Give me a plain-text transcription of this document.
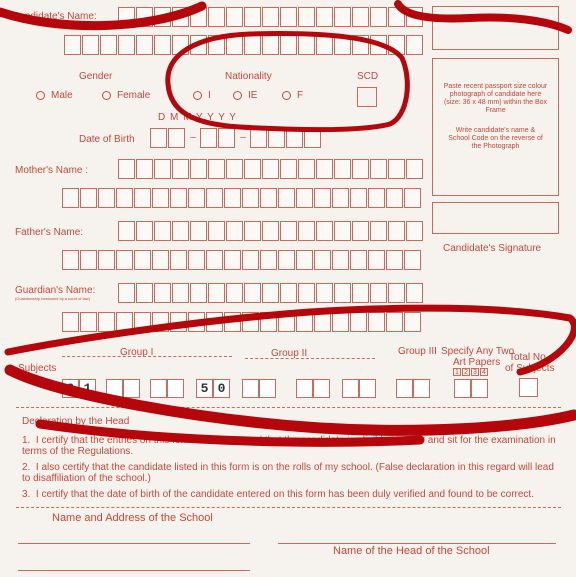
Candidate's Name:
Paste recent passport size colour photograph of candidate here
(size: 36 x 48 mm) within the Box Frame
Write candidate's name & School Code on the reverse of the Photograph
Candidate's Signature
Gender
Male	Female
Nationality
I	IE	F
SCD
D M M Y Y Y Y
Date of Birth	–	–
Mother's Name :
Father's Name:
Guardian's Name:
(Guardianship bestowed by a court of law)
Group I	Group II	Group III Specify Any Two
Art Papers
1 2 3 4
Total No.
of Subjects
Subjects
0 1	5 0
Declaration by the Head
1. I certify that the entries on this form are correct and that the candidate is eligible to enter and sit for the examination in terms of the Regulations.
2. I also certify that the candidate listed in this form is on the rolls of my school. (False declaration in this regard will lead to disaffiliation of the school.)
3. I certify that the date of birth of the candidate entered on this form has been duly verified and found to be correct.
Name and Address of the School
Name of the Head of the School
